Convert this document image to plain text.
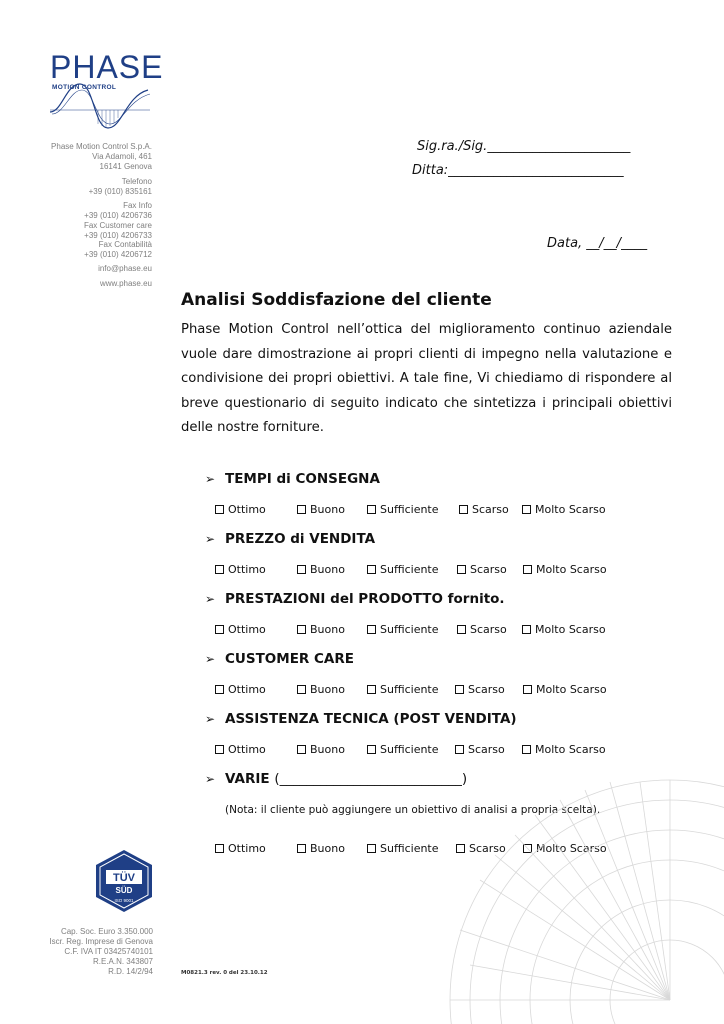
PHASE
MOTION CONTROL
Phase Motion Control S.p.A.
Via Adamoli, 461
16141 Genova
Telefono
+39 (010) 835161
Fax Info
+39 (010) 4206736
Fax Customer care
+39 (010) 4206733
Fax Contabilità
+39 (010) 4206712
info@phase.eu
www.phase.eu
Sig.ra./Sig.______________________
Ditta:___________________________
Data, __/__/____
Analisi Soddisfazione del cliente

Phase Motion Control nell’ottica del miglioramento continuo aziendale vuole dare dimostrazione ai propri clienti di impegno nella valutazione e condivisione dei propri obiettivi. A tale fine, Vi chiediamo di rispondere al breve questionario di seguito indicato che sintetizza i principali obiettivi delle nostre forniture.

➢ TEMPI di CONSEGNA
Ottimo	Buono	Sufficiente	Scarso	Molto Scarso
➢ PREZZO di VENDITA
Ottimo	Buono	Sufficiente	Scarso	Molto Scarso
➢ PRESTAZIONI del PRODOTTO fornito.
Ottimo	Buono	Sufficiente	Scarso	Molto Scarso
➢ CUSTOMER CARE
Ottimo	Buono	Sufficiente	Scarso	Molto Scarso
➢ ASSISTENZA TECNICA (POST VENDITA)
Ottimo	Buono	Sufficiente	Scarso	Molto Scarso
➢ VARIE (___________________________)
(Nota: il cliente può aggiungere un obiettivo di analisi a propria scelta).
Ottimo	Buono	Sufficiente	Scarso	Molto Scarso
TÜV
SÜD
ISO 9001
Cap. Soc. Euro 3.350.000
Iscr. Reg. Imprese di Genova
C.F. IVA IT 03425740101
R.E.A.N. 343807
R.D. 14/2/94	M0821.3 rev. 0 del 23.10.12
